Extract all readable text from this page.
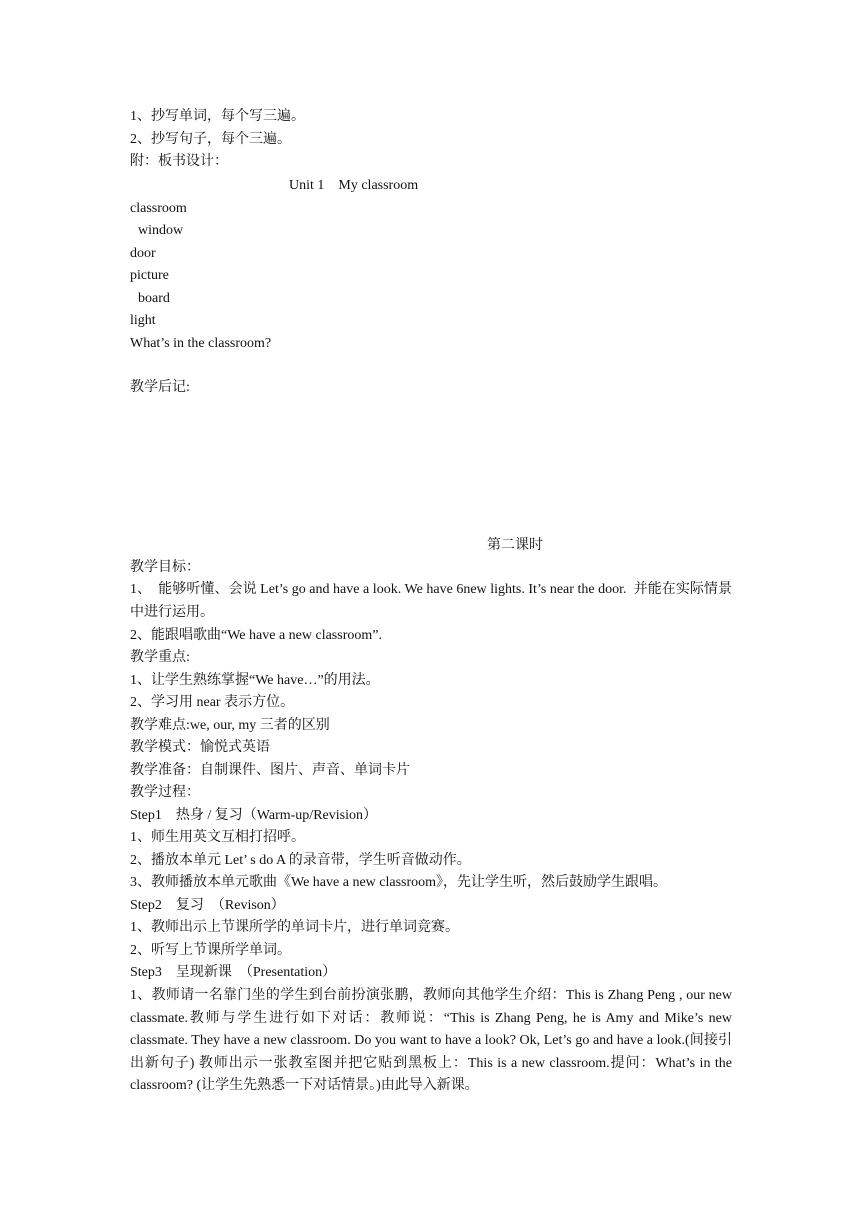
1、抄写单词，每个写三遍。
2、抄写句子，每个三遍。
附：板书设计：
Unit 1    My classroom
classroom
window
door
picture
board
light
What’s in the classroom?
教学后记:
第二课时
教学目标：
1、  能够听懂、会说 Let’s go and have a look. We have 6new lights. It’s near the door.  并能在实际情景中进行运用。
2、能跟唱歌曲“We have a new classroom”.
教学重点:
1、让学生熟练掌握“We have…”的用法。
2、学习用 near 表示方位。
教学难点:we, our, my 三者的区别
教学模式：愉悦式英语
教学准备：自制课件、图片、声音、单词卡片
教学过程：
Step1    热身 / 复习（Warm-up/Revision）
1、师生用英文互相打招呼。
2、播放本单元 Let’ s do A 的录音带，学生听音做动作。
3、教师播放本单元歌曲《We have a new classroom》，先让学生听，然后鼓励学生跟唱。
Step2    复习  （Revison）
1、教师出示上节课所学的单词卡片，进行单词竞赛。
2、听写上节课所学单词。
Step3    呈现新课  （Presentation）
1、教师请一名靠门坐的学生到台前扮演张鹏，教师向其他学生介绍：This is Zhang Peng , our new classmate.教师与学生进行如下对话：教师说：“This is Zhang Peng, he is Amy and Mike’s new classmate. They have a new classroom. Do you want to have a look? Ok, Let’s go and have a look.(间接引出新句子) 教师出示一张教室图并把它贴到黑板上：This is a new classroom.提问：What’s in the classroom? (让学生先熟悉一下对话情景。)由此导入新课。
